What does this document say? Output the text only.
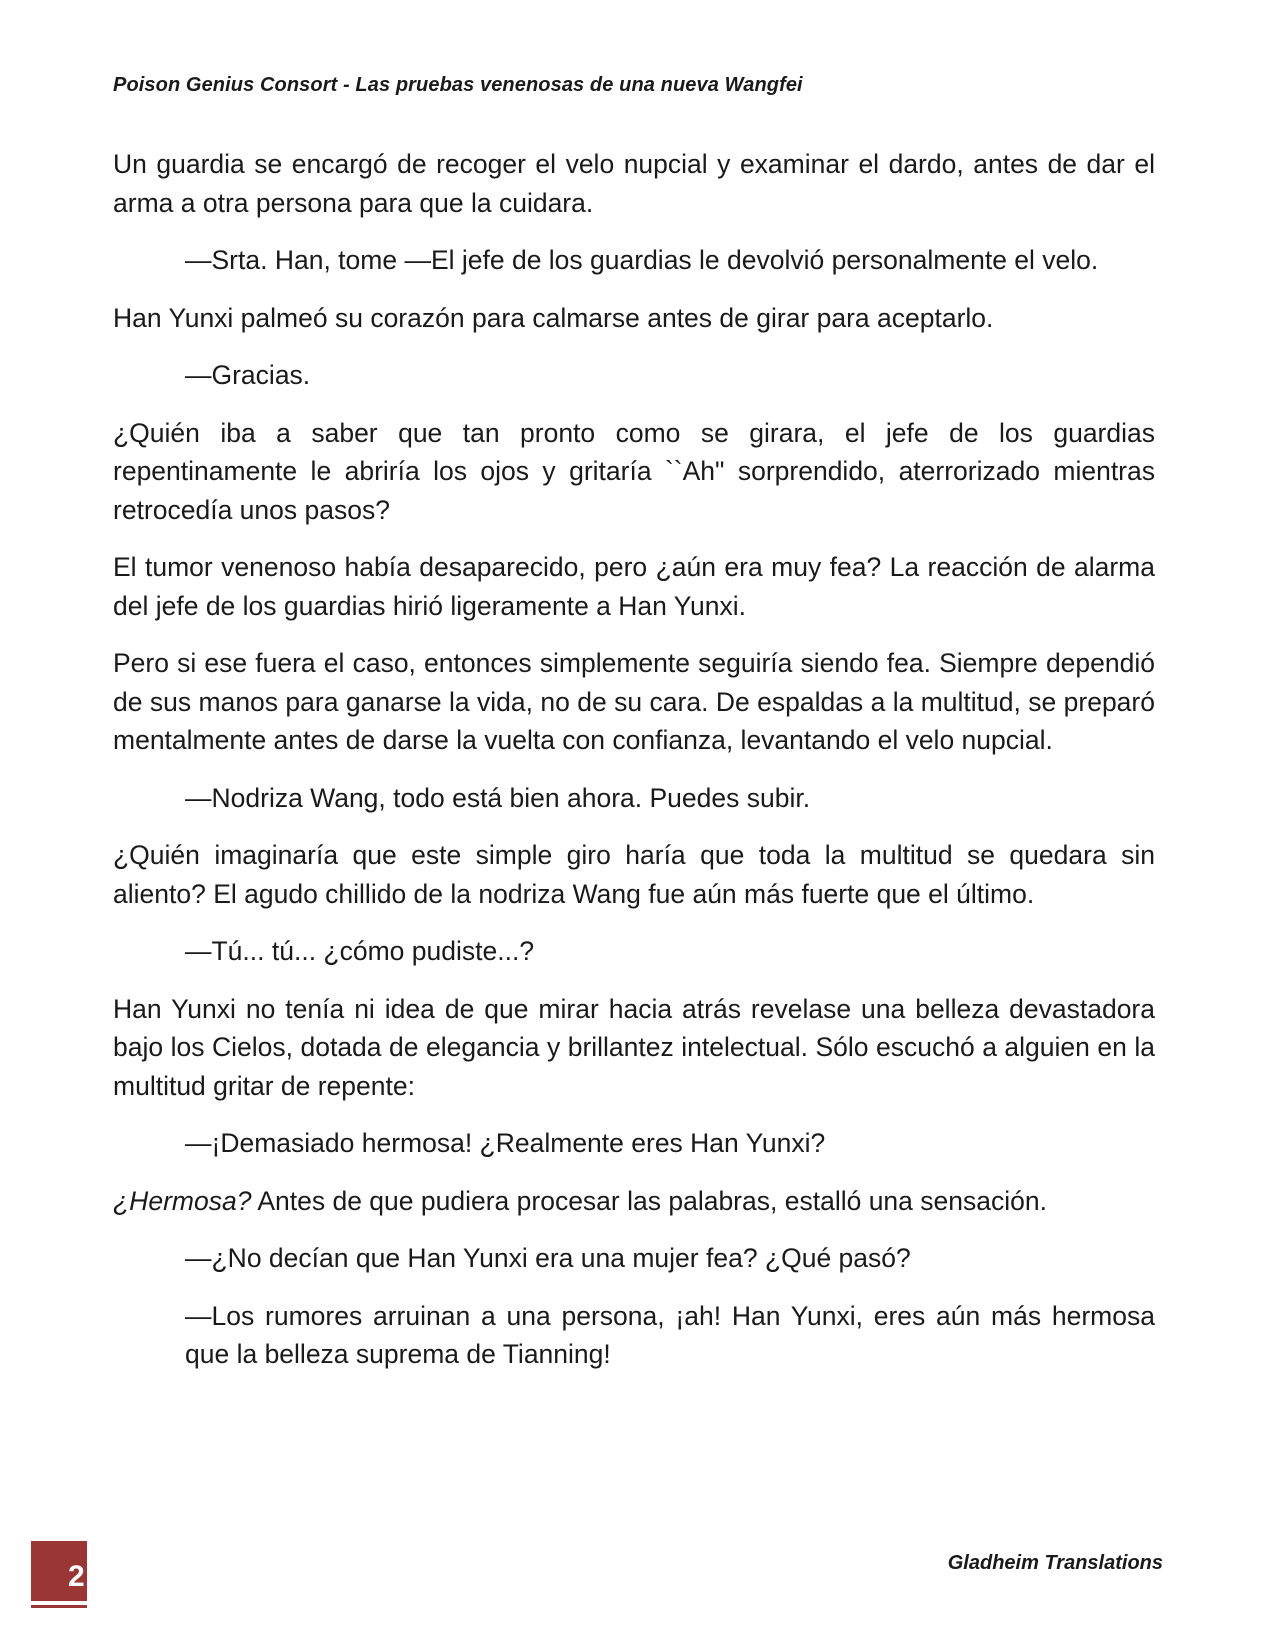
Poison Genius Consort - Las pruebas venenosas de una nueva Wangfei

Un guardia se encargó de recoger el velo nupcial y examinar el dardo, antes de dar el arma a otra persona para que la cuidara.

—Srta. Han, tome —El jefe de los guardias le devolvió personalmente el velo.

Han Yunxi palmeó su corazón para calmarse antes de girar para aceptarlo.

—Gracias.

¿Quién iba a saber que tan pronto como se girara, el jefe de los guardias repentinamente le abriría los ojos y gritaría ``Ah" sorprendido, aterrorizado mientras retrocedía unos pasos?

El tumor venenoso había desaparecido, pero ¿aún era muy fea? La reacción de alarma del jefe de los guardias hirió ligeramente a Han Yunxi.

Pero si ese fuera el caso, entonces simplemente seguiría siendo fea. Siempre dependió de sus manos para ganarse la vida, no de su cara. De espaldas a la multitud, se preparó mentalmente antes de darse la vuelta con confianza, levantando el velo nupcial.

—Nodriza Wang, todo está bien ahora. Puedes subir.

¿Quién imaginaría que este simple giro haría que toda la multitud se quedara sin aliento? El agudo chillido de la nodriza Wang fue aún más fuerte que el último.

—Tú... tú... ¿cómo pudiste...?

Han Yunxi no tenía ni idea de que mirar hacia atrás revelase una belleza devastadora bajo los Cielos, dotada de elegancia y brillantez intelectual. Sólo escuchó a alguien en la multitud gritar de repente:

—¡Demasiado hermosa! ¿Realmente eres Han Yunxi?

¿Hermosa? Antes de que pudiera procesar las palabras, estalló una sensación.

—¿No decían que Han Yunxi era una mujer fea? ¿Qué pasó?

—Los rumores arruinan a una persona, ¡ah! Han Yunxi, eres aún más hermosa que la belleza suprema de Tianning!

2	Gladheim Translations
